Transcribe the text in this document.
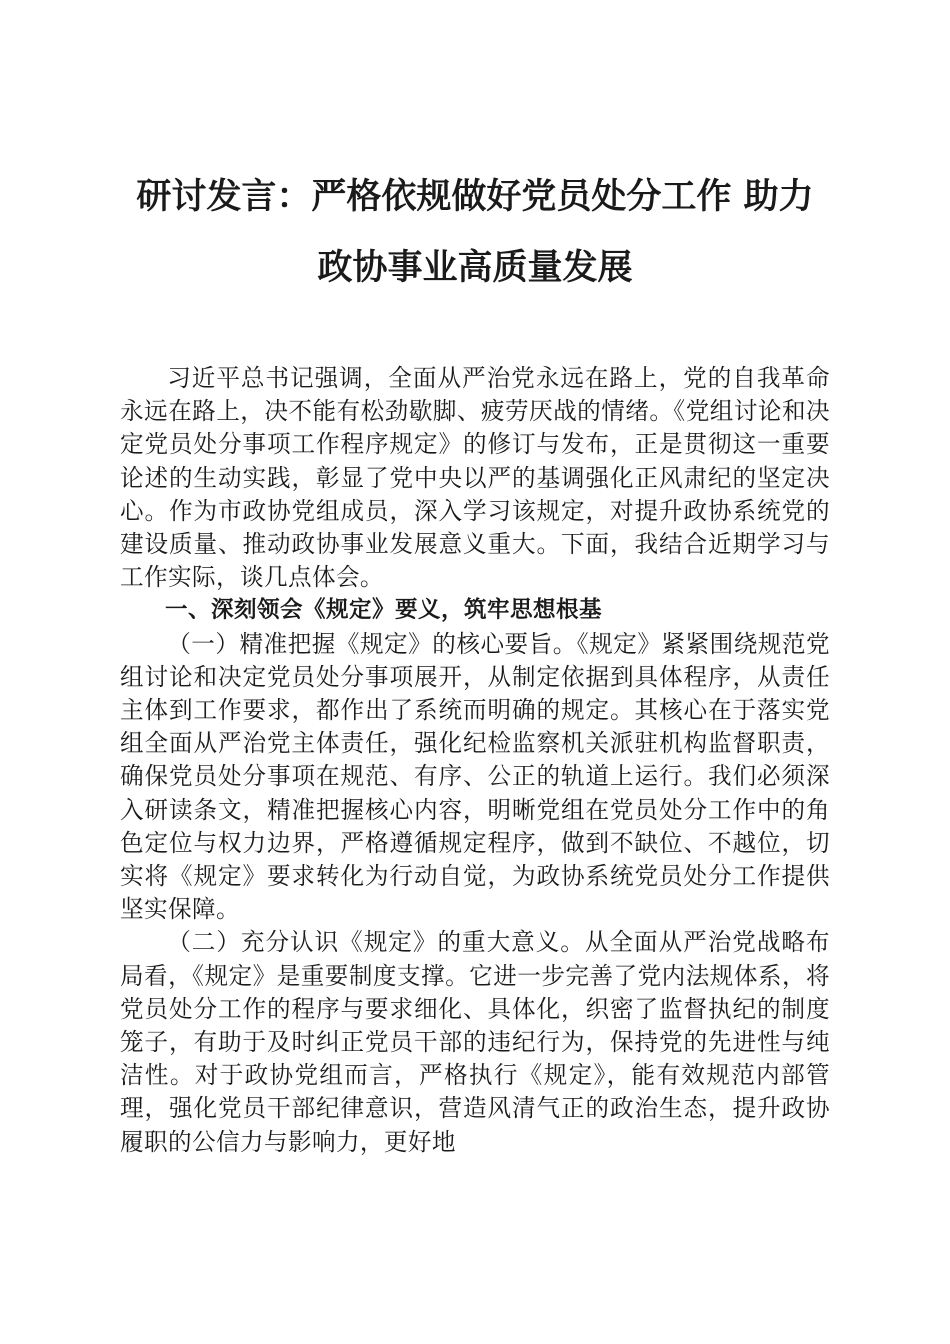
研讨发言：严格依规做好党员处分工作 助力
政协事业高质量发展

习近平总书记强调，全面从严治党永远在路上，党的自我革命永远在路上，决不能有松劲歇脚、疲劳厌战的情绪。《党组讨论和决定党员处分事项工作程序规定》的修订与发布，正是贯彻这一重要论述的生动实践，彰显了党中央以严的基调强化正风肃纪的坚定决心。作为市政协党组成员，深入学习该规定，对提升政协系统党的建设质量、推动政协事业发展意义重大。下面，我结合近期学习与工作实际，谈几点体会。

一、深刻领会《规定》要义，筑牢思想根基

（一）精准把握《规定》的核心要旨。《规定》紧紧围绕规范党组讨论和决定党员处分事项展开，从制定依据到具体程序，从责任主体到工作要求，都作出了系统而明确的规定。其核心在于落实党组全面从严治党主体责任，强化纪检监察机关派驻机构监督职责，确保党员处分事项在规范、有序、公正的轨道上运行。我们必须深入研读条文，精准把握核心内容，明晰党组在党员处分工作中的角色定位与权力边界，严格遵循规定程序，做到不缺位、不越位，切实将《规定》要求转化为行动自觉，为政协系统党员处分工作提供坚实保障。

（二）充分认识《规定》的重大意义。从全面从严治党战略布局看，《规定》是重要制度支撑。它进一步完善了党内法规体系，将党员处分工作的程序与要求细化、具体化，织密了监督执纪的制度笼子，有助于及时纠正党员干部的违纪行为，保持党的先进性与纯洁性。对于政协党组而言，严格执行《规定》，能有效规范内部管理，强化党员干部纪律意识，营造风清气正的政治生态，提升政协履职的公信力与影响力，更好地
